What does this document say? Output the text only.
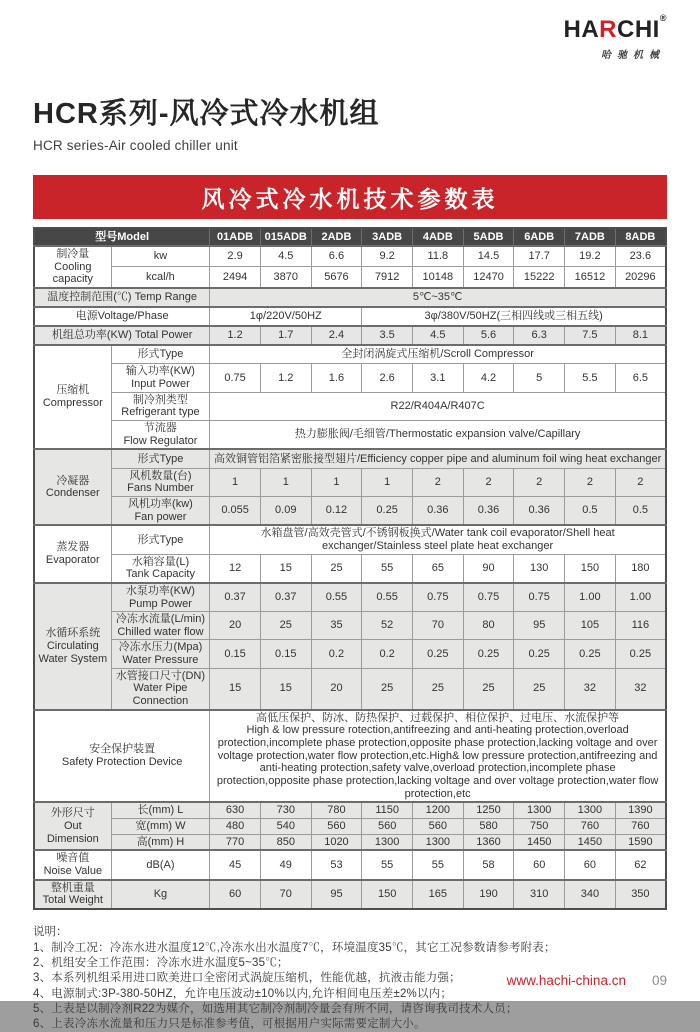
HARCHI®
哈驰机械
HCR系列-风冷式冷水机组
HCR series-Air cooled chiller unit
风冷式冷水机技术参数表
型号Model		01ADB	015ADB	2ADB	3ADB	4ADB	5ADB	6ADB	7ADB	8ADB
制冷量
Cooling capacity	kw	2.9	4.5	6.6	9.2	11.8	14.5	17.7	19.2	23.6
	kcal/h	2494	3870	5676	7912	10148	12470	15222	16512	20296
温度控制范围(℃) Temp Range		5℃~35℃								
电源Voltage/Phase		1φ/220V/50HZ			3φ/380V/50HZ(三相四线或三相五线)					
机组总功率(KW) Total Power		1.2	1.7	2.4	3.5	4.5	5.6	6.3	7.5	8.1
压缩机
Compressor	形式Type	全封闭涡旋式压缩机/Scroll Compressor								
	输入功率(KW)
Input Power	0.75	1.2	1.6	2.6	3.1	4.2	5	5.5	6.5
	制冷剂类型
Refrigerant type	R22/R404A/R407C								
	节流器
Flow Regulator	热力膨胀阀/毛细管/Thermostatic expansion valve/Capillary								
冷凝器
Condenser	形式Type	高效铜管铝箔紧密胀接型翅片/Efficiency copper pipe and aluminum foil wing heat exchanger								
	风机数量(台)
Fans Number	1	1	1	1	2	2	2	2	2
	风机功率(kw)
Fan power	0.055	0.09	0.12	0.25	0.36	0.36	0.36	0.5	0.5
蒸发器
Evaporator	形式Type	水箱盘管/高效壳管式/不锈钢板换式/Water tank coil evaporator/Shell heat exchanger/Stainless steel plate heat exchanger								
	水箱容量(L)
Tank Capacity	12	15	25	55	65	90	130	150	180
水循环系统
Circulating
Water System	水泵功率(KW)
Pump Power	0.37	0.37	0.55	0.55	0.75	0.75	0.75	1.00	1.00
	冷冻水流量(L/min)
Chilled water flow	20	25	35	52	70	80	95	105	116
	冷冻水压力(Mpa)
Water Pressure	0.15	0.15	0.2	0.2	0.25	0.25	0.25	0.25	0.25
	水管接口尺寸(DN)
Water Pipe Connection	15	15	20	25	25	25	25	32	32
安全保护装置
Safety Protection Device		高低压保护、防冰、防热保护、过载保护、相位保护、过电压、水流保护等
High & low pressure rotection,antifreezing and anti-heating protection,overload protection,incomplete phase protection,opposite phase protection,lacking voltage and over voltage protection,water flow protection,etc.High& low pressure protection,antifreezing and anti-heating protection,safety valve,overload protection,incomplete phase protection,opposite phase protection,lacking voltage and over voltage protection,water flow protection,etc								
外形尺寸
Out Dimension	长(mm) L	630	730	780	1150	1200	1250	1300	1300	1390
	宽(mm) W	480	540	560	560	560	580	750	760	760
	高(mm) H	770	850	1020	1300	1300	1360	1450	1450	1590
噪音值
Noise Value	dB(A)	45	49	53	55	55	58	60	60	62
整机重量
Total Weight	Kg	60	70	95	150	165	190	310	340	350
说明：
1、制冷工况：冷冻水进水温度12℃,冷冻水出水温度7℃，环境温度35℃，其它工况参数请参考附表；
2、机组安全工作范围：冷冻水进水温度5~35℃；
3、本系列机组采用进口欧美进口全密闭式涡旋压缩机，性能优越，抗液击能力强；
4、电源制式:3P-380-50HZ，允许电压波动±10%以内,允许相间电压差±2%以内；
5、上表是以制冷剂R22为媒介，如选用其它制冷剂制冷量会有所不同，请咨询我司技术人员；
6、上表冷冻水流量和压力只是标准参考值，可根据用户实际需要定制大小。
www.hachi-china.cn 09
